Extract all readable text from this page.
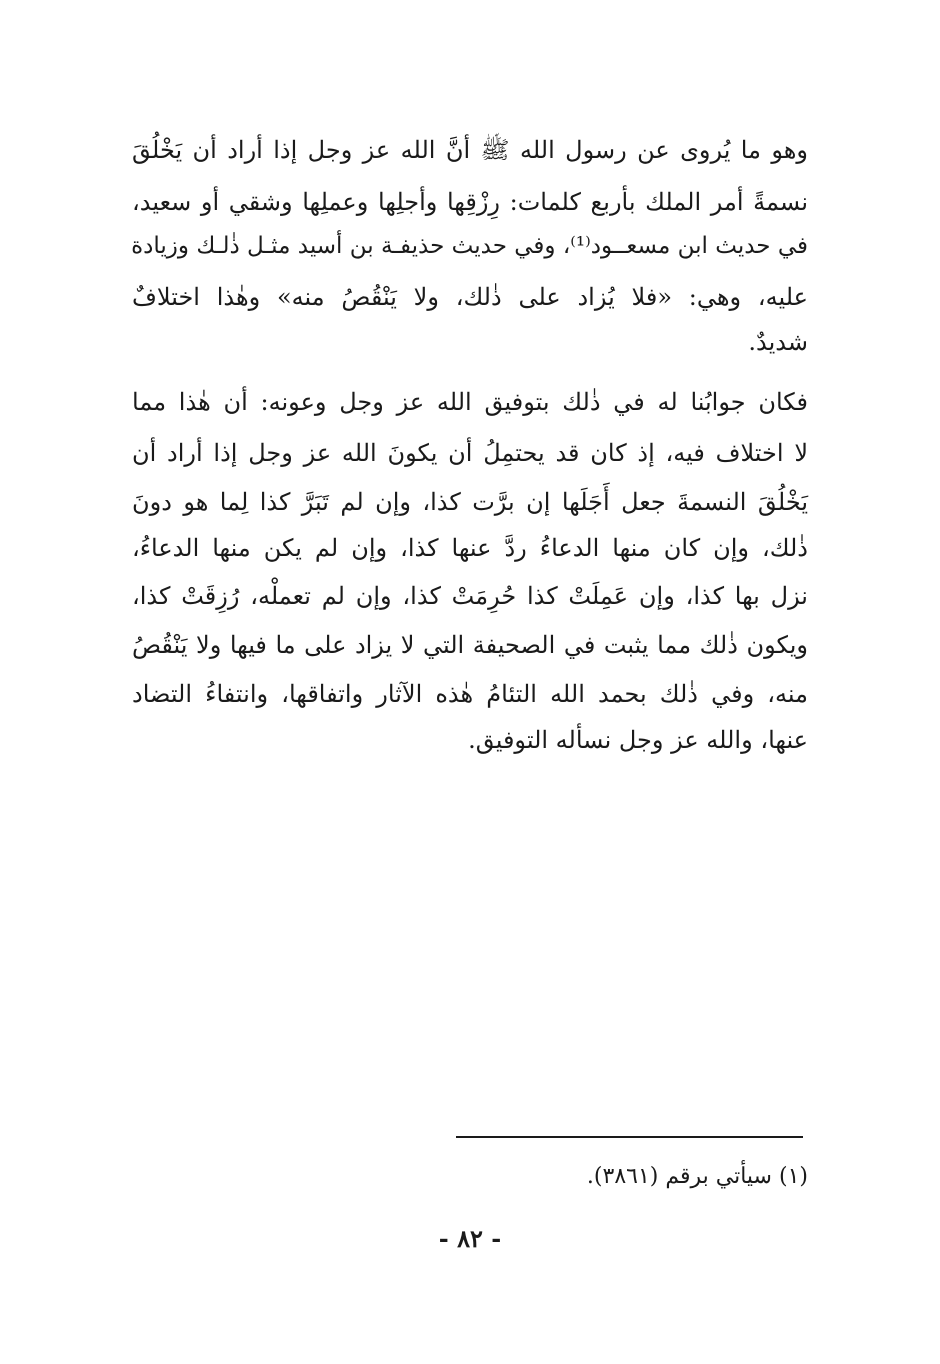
وهو ما يُروى عن رسول الله ﷺ أنَّ الله عز وجل إذا أراد أن يَخْلُقَ
نسمةً أمر الملك بأربع كلمات: رِزْقِها وأجلِها وعملِها وشقي أو سعيد،
في حديث ابن مسعــود⁽¹⁾، وفي حديث حذيفـة بن أسيد مثـل ذٰلـك وزيادة
عليه، وهي: «فلا يُزاد على ذٰلك، ولا يَنْقُصُ منه» وهٰذا اختلافٌ
شديدٌ.
فكان جوابُنا له في ذٰلك بتوفيق الله عز وجل وعونه: أن هٰذا مما
لا اختلاف فيه، إذ كان قد يحتمِلُ أن يكونَ الله عز وجل إذا أراد أن
يَخْلُقَ النسمةَ جعل أَجَلَها إن برَّت كذا، وإن لم تَبَرَّ كذا لِما هو دونَ
ذٰلك، وإن كان منها الدعاءُ ردَّ عنها كذا، وإن لم يكن منها الدعاءُ،
نزل بها كذا، وإن عَمِلَتْ كذا حُرِمَتْ كذا، وإن لم تعملْه، رُزِقَتْ كذا،
ويكون ذٰلك مما يثبت في الصحيفة التي لا يزاد على ما فيها ولا يَنْقُصُ
منه، وفي ذٰلك بحمد الله التئامُ هٰذه الآثار واتفاقها، وانتفاءُ التضاد
عنها، والله عز وجل نسأله التوفيق.
(١) سيأتي برقم (٣٨٦١).
- ٨٢ -
